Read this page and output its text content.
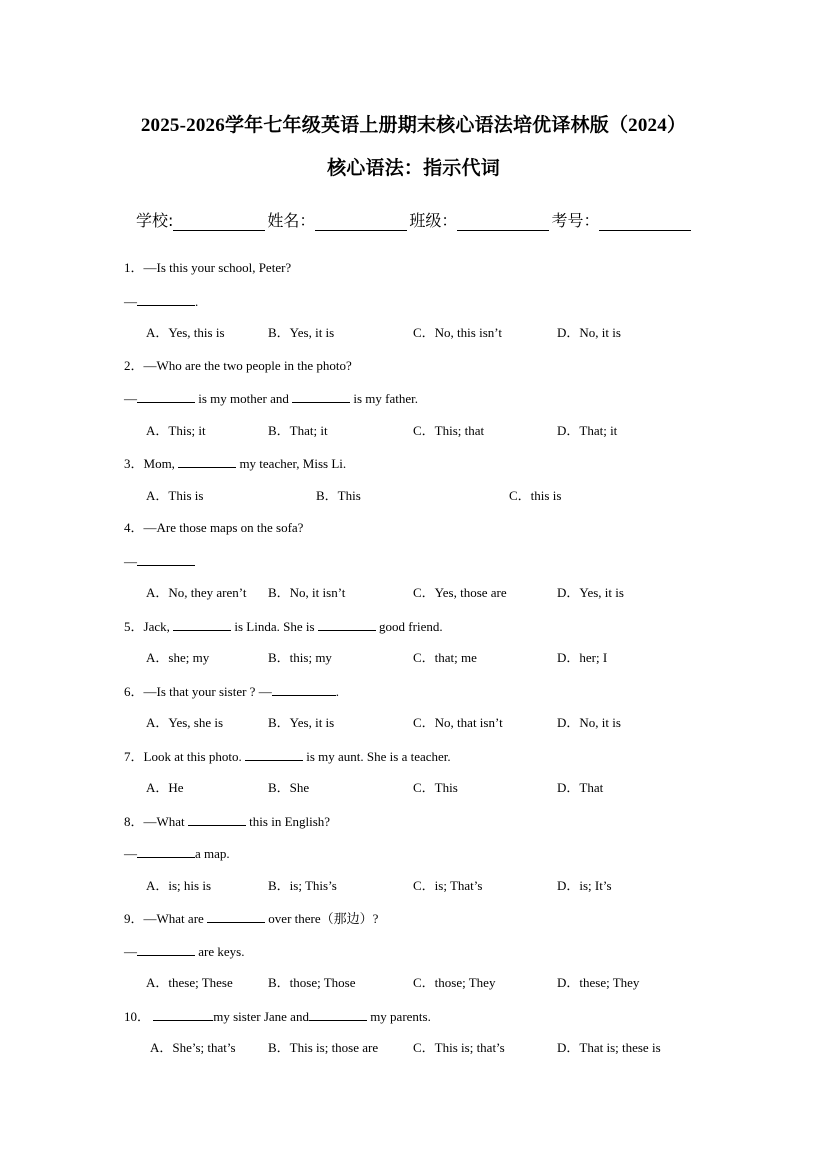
2025-2026学年七年级英语上册期末核心语法培优译林版（2024）
核心语法：指示代词
学校:	姓名：	班级：	考号：
1．—Is this your school, Peter?
—	.
A．Yes, this is	B．Yes, it is	C．No, this isn’t	D．No, it is
2．—Who are the two people in the photo?
—	is my mother and	is my father.
A．This; it	B．That; it	C．This; that	D．That; it
3．Mom,	my teacher, Miss Li.
A．This is	B．This	C．this is
4．—Are those maps on the sofa?
—
A．No, they aren’t B．No, it isn’t	C．Yes, those are	D．Yes, it is
5．Jack,	is Linda. She is	good friend.
A．she; my	B．this; my	C．that; me	D．her; I
6．—Is that your sister ? —	.
A．Yes, she is	B．Yes, it is	C．No, that isn’t	D．No, it is
7．Look at this photo.	is my aunt. She is a teacher.
A．He	B．She	C．This	D．That
8．—What	this in English?
—	a map.
A．is; his is	B．is; This’s	C．is; That’s	D．is; It’s
9．—What are	over there（那边）?
—	are keys.
A．these; These	B．those; Those	C．those; They	D．these; They
10．	my sister Jane and	my parents.
A．She’s; that’s B．This is; those are	C．This is; that’s	D．That is; these is
